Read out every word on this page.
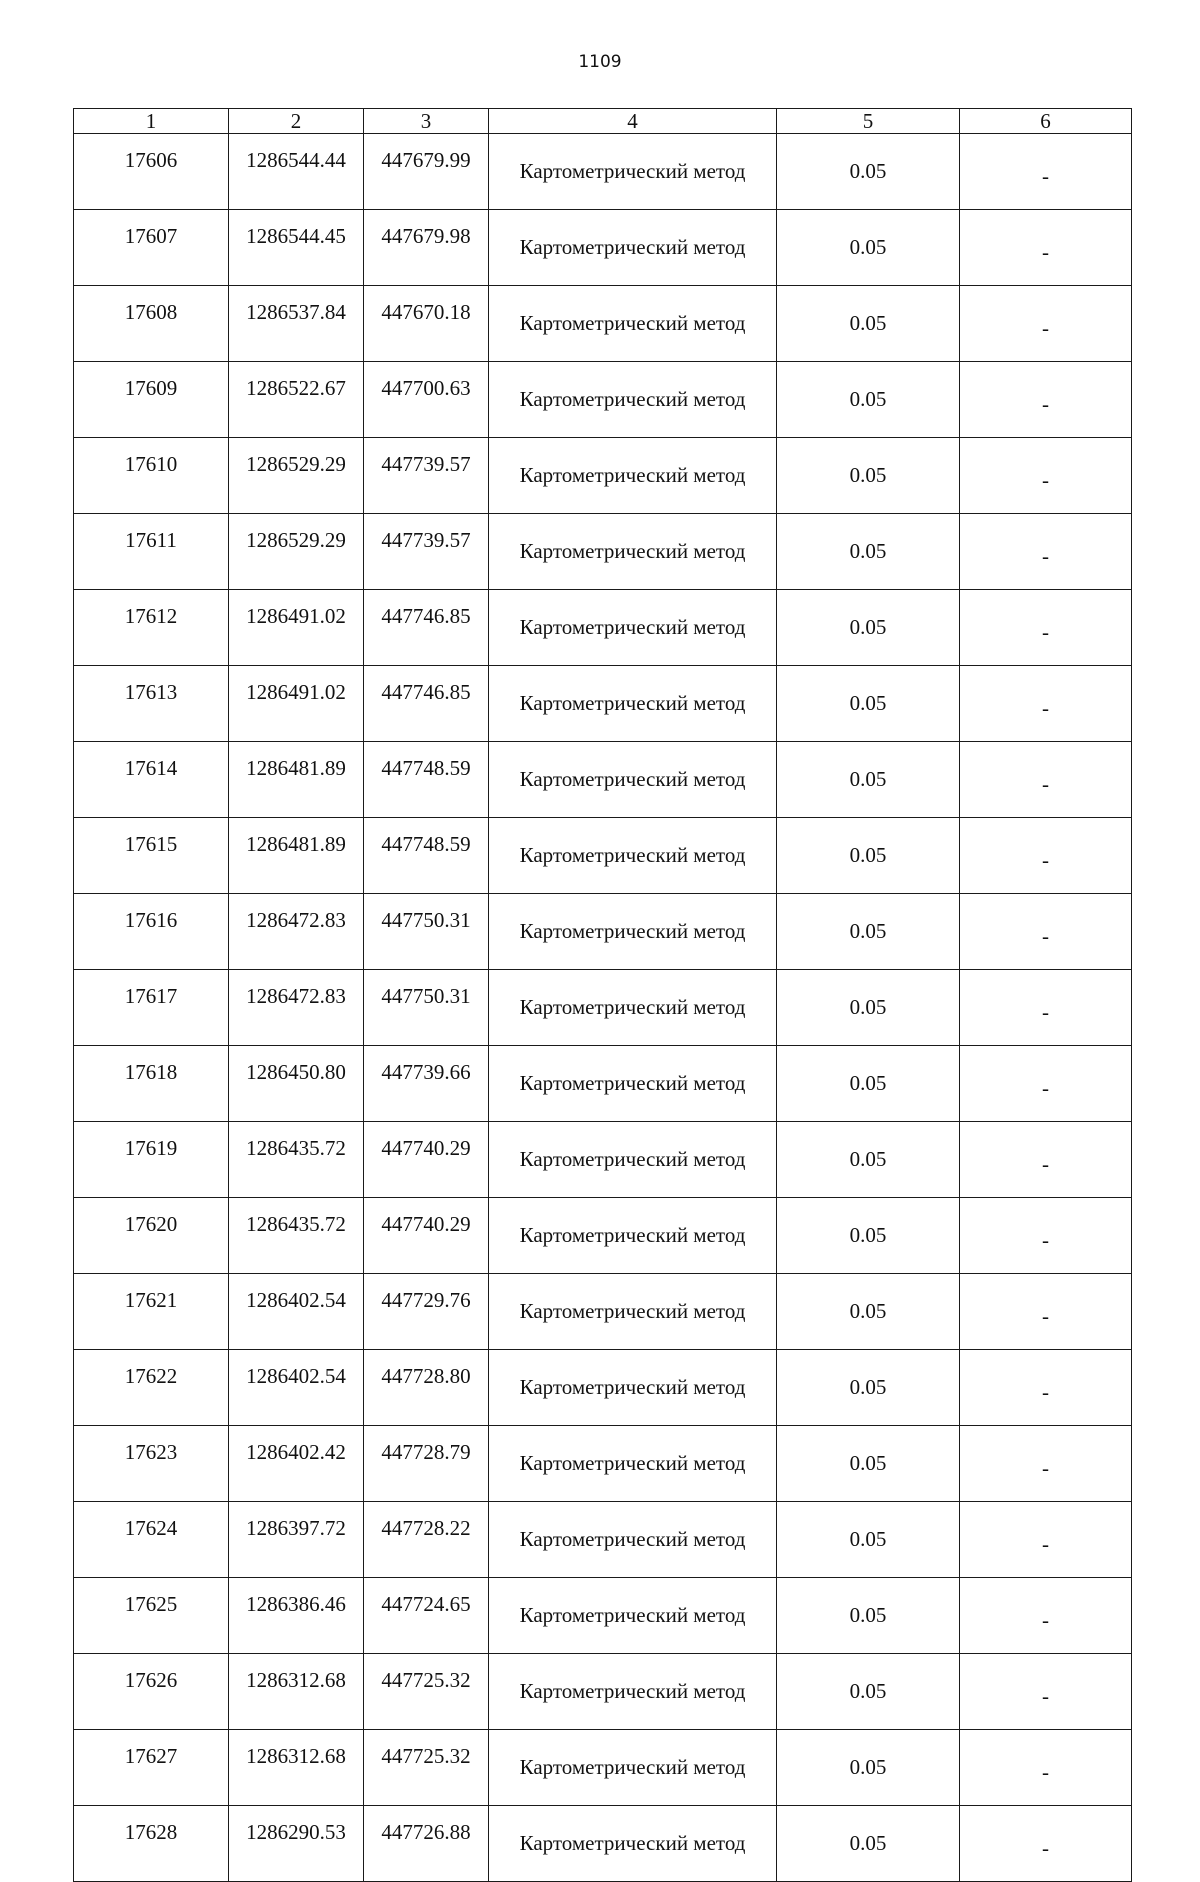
1109
1	2	3	4	5	6
17606	1286544.44	447679.99	Картометрический метод	0.05	-
17607	1286544.45	447679.98	Картометрический метод	0.05	-
17608	1286537.84	447670.18	Картометрический метод	0.05	-
17609	1286522.67	447700.63	Картометрический метод	0.05	-
17610	1286529.29	447739.57	Картометрический метод	0.05	-
17611	1286529.29	447739.57	Картометрический метод	0.05	-
17612	1286491.02	447746.85	Картометрический метод	0.05	-
17613	1286491.02	447746.85	Картометрический метод	0.05	-
17614	1286481.89	447748.59	Картометрический метод	0.05	-
17615	1286481.89	447748.59	Картометрический метод	0.05	-
17616	1286472.83	447750.31	Картометрический метод	0.05	-
17617	1286472.83	447750.31	Картометрический метод	0.05	-
17618	1286450.80	447739.66	Картометрический метод	0.05	-
17619	1286435.72	447740.29	Картометрический метод	0.05	-
17620	1286435.72	447740.29	Картометрический метод	0.05	-
17621	1286402.54	447729.76	Картометрический метод	0.05	-
17622	1286402.54	447728.80	Картометрический метод	0.05	-
17623	1286402.42	447728.79	Картометрический метод	0.05	-
17624	1286397.72	447728.22	Картометрический метод	0.05	-
17625	1286386.46	447724.65	Картометрический метод	0.05	-
17626	1286312.68	447725.32	Картометрический метод	0.05	-
17627	1286312.68	447725.32	Картометрический метод	0.05	-
17628	1286290.53	447726.88	Картометрический метод	0.05	-
